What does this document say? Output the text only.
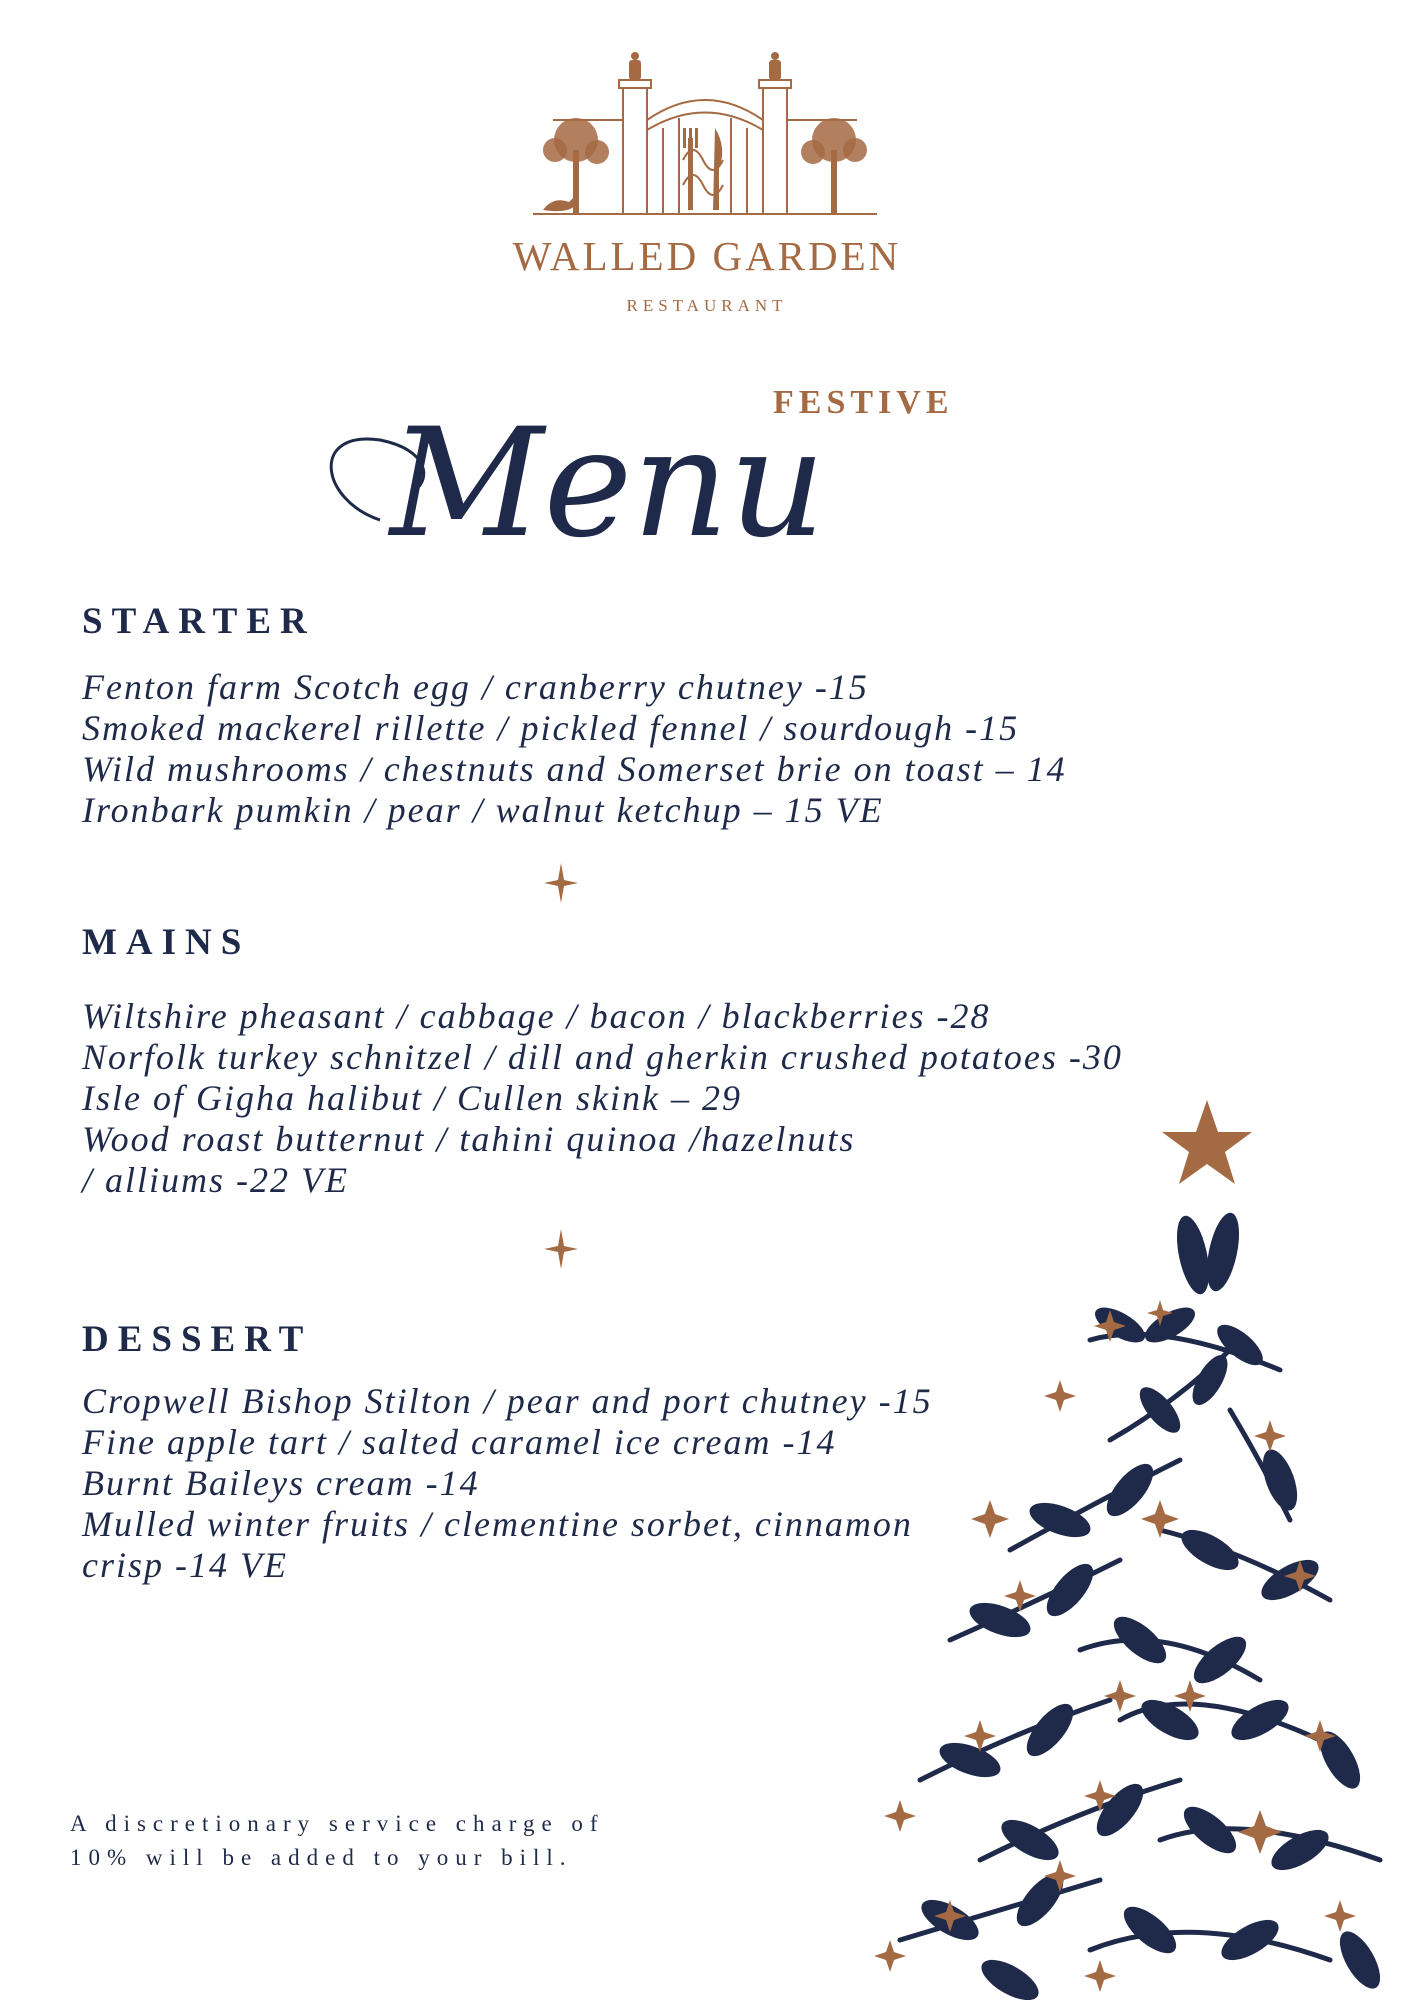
WALLED GARDEN
RESTAURANT
FESTIVE
Menu
STARTER
Fenton farm Scotch egg / cranberry chutney -15
Smoked mackerel rillette / pickled fennel / sourdough -15
Wild mushrooms / chestnuts and Somerset brie on toast – 14
Ironbark pumkin / pear / walnut ketchup – 15 VE
MAINS
Wiltshire pheasant / cabbage / bacon / blackberries -28
Norfolk turkey schnitzel / dill and gherkin crushed potatoes -30
Isle of Gigha halibut / Cullen skink – 29
Wood roast butternut / tahini quinoa /hazelnuts
/ alliums -22 VE
DESSERT
Cropwell Bishop Stilton / pear and port chutney -15
Fine apple tart / salted caramel ice cream -14
Burnt Baileys cream -14
Mulled winter fruits / clementine sorbet, cinnamon
crisp -14 VE
A discretionary service charge of
10% will be added to your bill.
